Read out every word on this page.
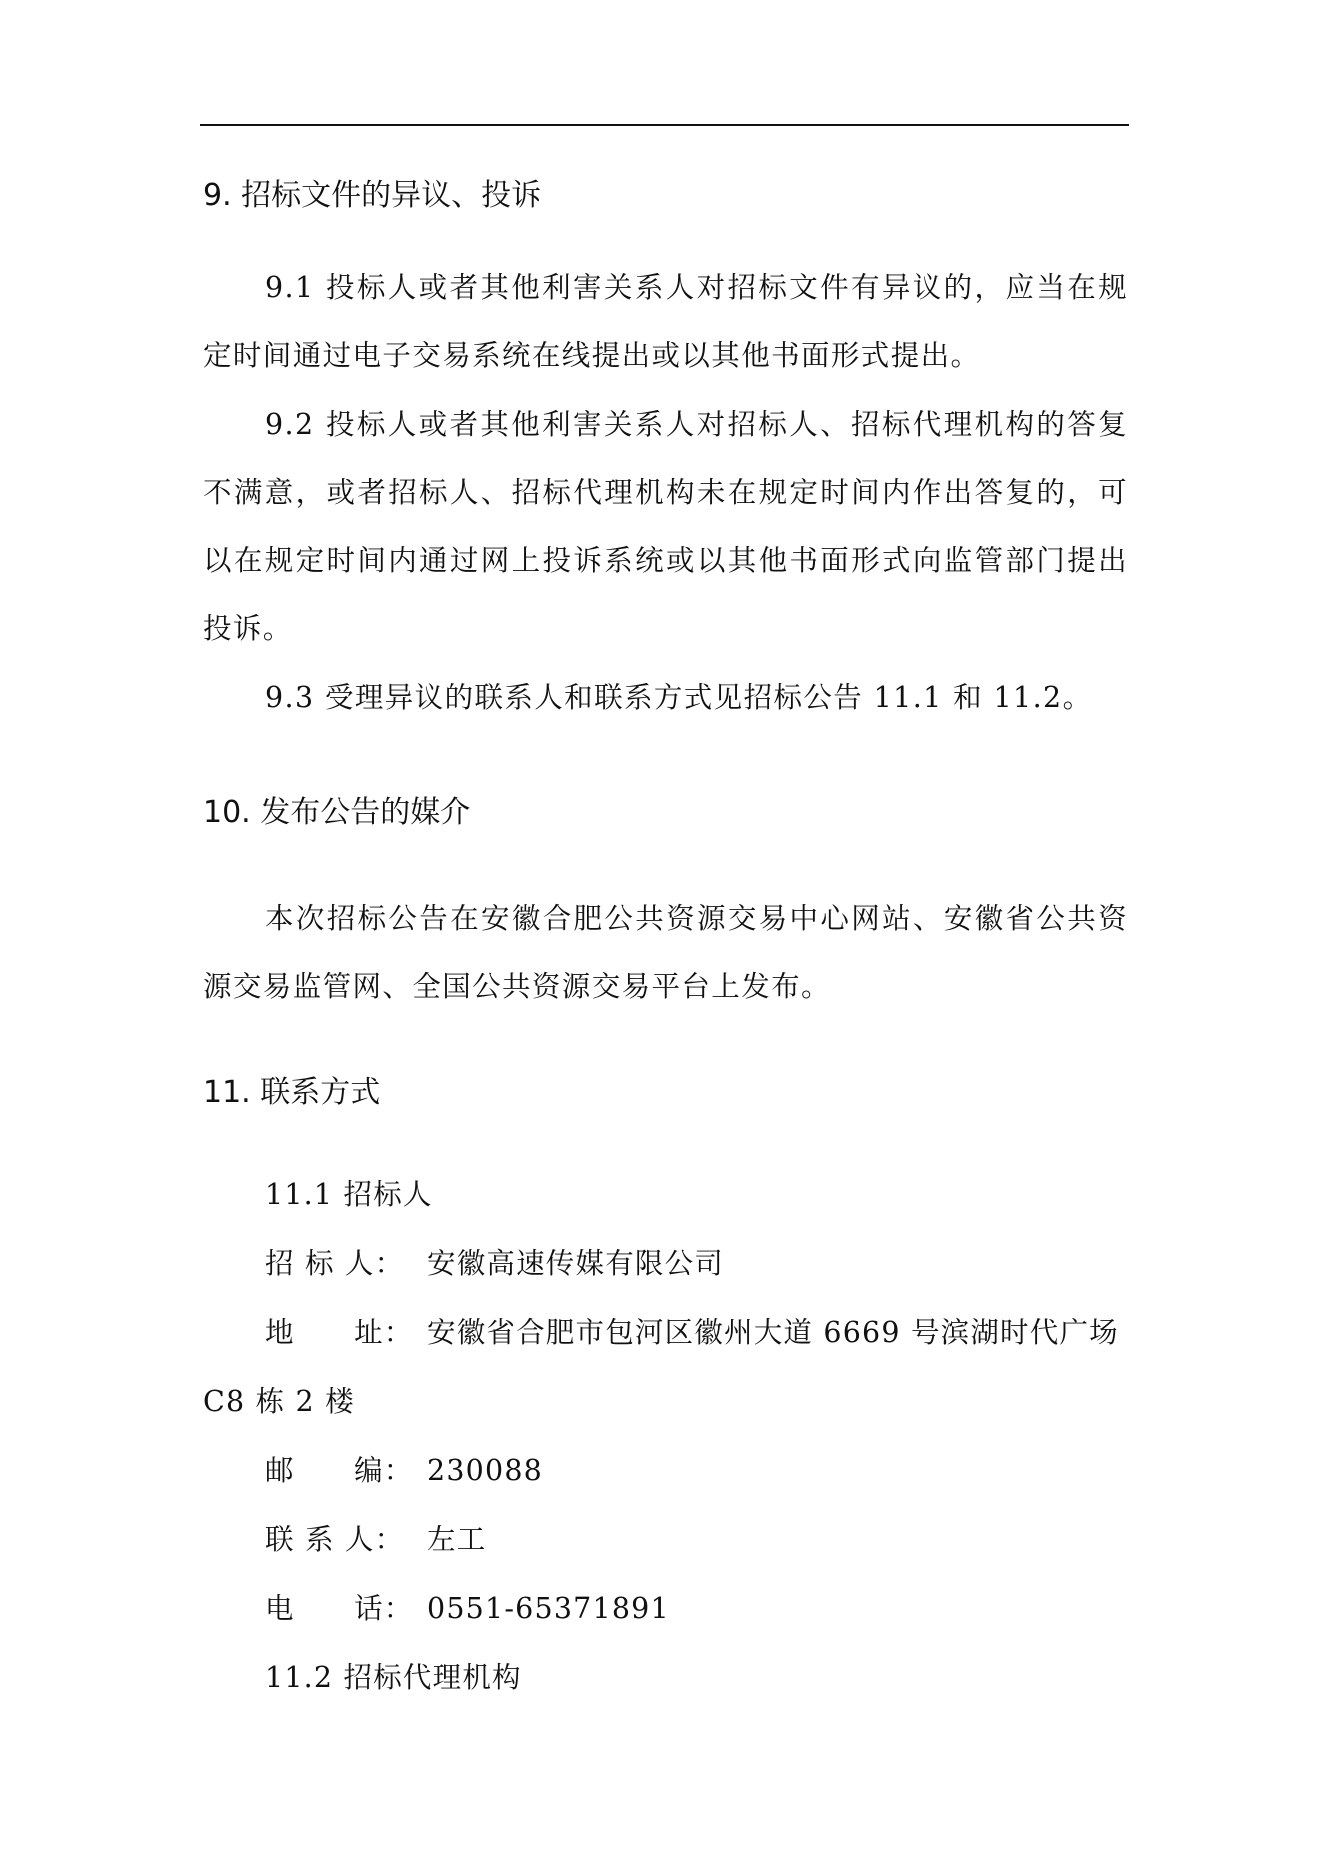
9. 招标文件的异议、投诉
9.1 投标人或者其他利害关系人对招标文件有异议的，应当在规定时间通过电子交易系统在线提出或以其他书面形式提出。
9.2 投标人或者其他利害关系人对招标人、招标代理机构的答复不满意，或者招标人、招标代理机构未在规定时间内作出答复的，可以在规定时间内通过网上投诉系统或以其他书面形式向监管部门提出投诉。
9.3 受理异议的联系人和联系方式见招标公告 11.1 和 11.2。
10. 发布公告的媒介
本次招标公告在安徽合肥公共资源交易中心网站、安徽省公共资源交易监管网、全国公共资源交易平台上发布。
11. 联系方式
11.1 招标人
招 标 人： 安徽高速传媒有限公司
地　　址： 安徽省合肥市包河区徽州大道 6669 号滨湖时代广场
C8 栋 2 楼
邮　　编： 230088
联 系 人： 左工
电　　话： 0551-65371891
11.2 招标代理机构
